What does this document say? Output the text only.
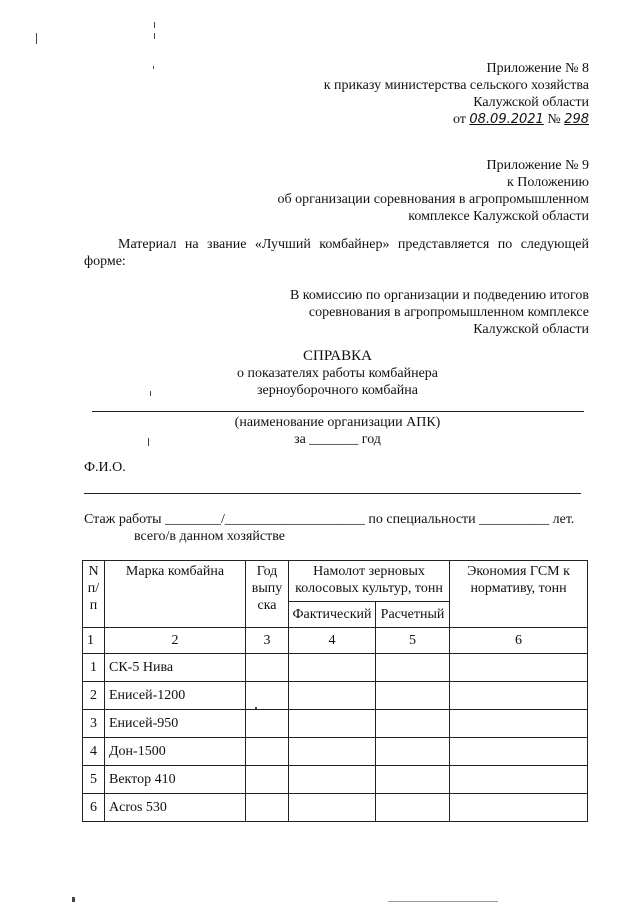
Приложение № 8
к приказу министерства сельского хозяйства
Калужской области
от 08.09.2021 № 298
Приложение № 9
к Положению
об организации соревнования в агропромышленном
комплексе Калужской области
Материал на звание «Лучший комбайнер» представляется по следующей
форме:
В комиссию по организации и подведению итогов
соревнования в агропромышленном комплексе
Калужской области
СПРАВКА
о показателях работы комбайнера
зерноуборочного комбайна
(наименование организации АПК)
за _______ год
Ф.И.О.
Стаж работы ________/____________________ по специальности __________ лет.
всего/в данном хозяйстве
N п/ п	Марка комбайна	Год выпу ска	Намолот зерновых колосовых культур, тонн		Экономия ГСМ к нормативу, тонн
			Фактический	Расчетный	
1	2	3	4	5	6
1	СК-5 Нива				
2	Енисей-1200				
3	Енисей-950				
4	Дон-1500				
5	Вектор 410				
6	Acros 530				
